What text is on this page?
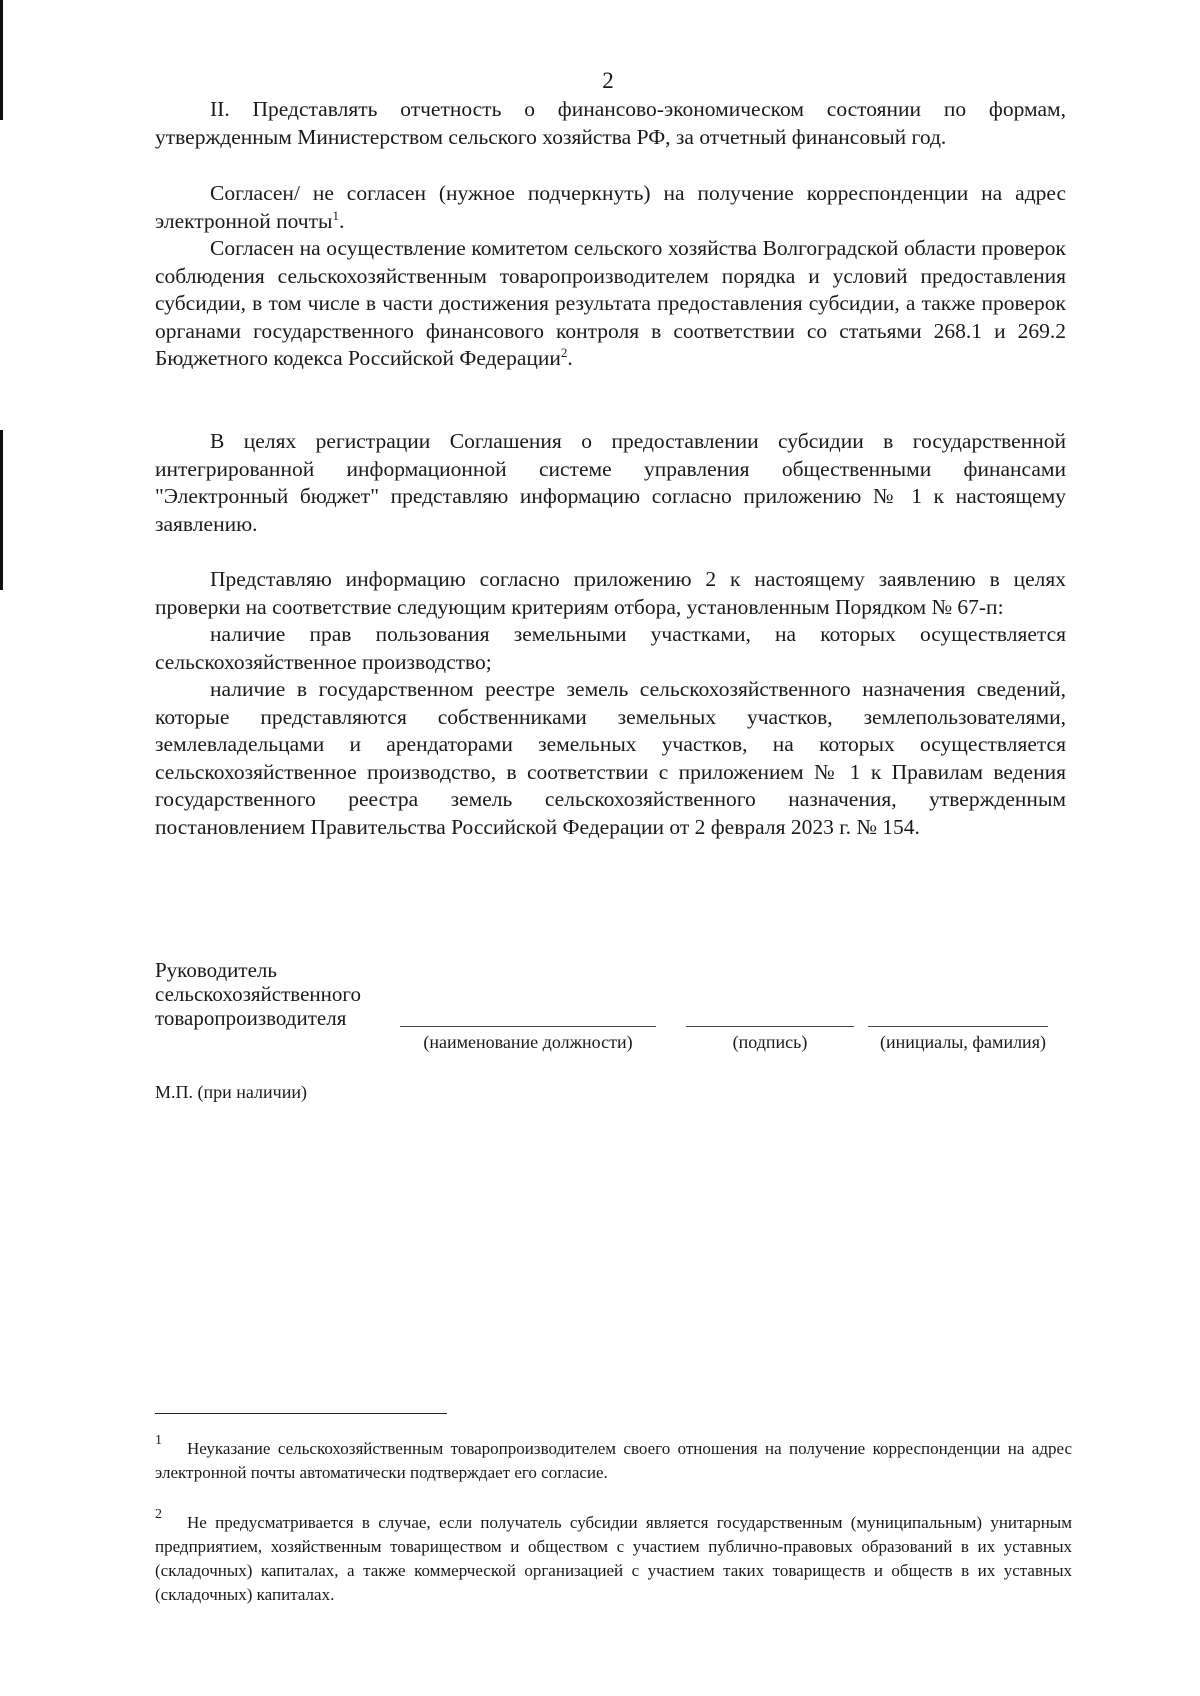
2

II. Представлять отчетность о финансово-экономическом состоянии по формам, утвержденным Министерством сельского хозяйства РФ, за отчетный финансовый год.

Согласен/ не согласен (нужное подчеркнуть) на получение корреспонденции на адрес электронной почты$^1$.

Согласен на осуществление комитетом сельского хозяйства Волгоградской области проверок соблюдения сельскохозяйственным товаропроизводителем порядка и условий предоставления субсидии, в том числе в части достижения результата предоставления субсидии, а также проверок органами государственного финансового контроля в соответствии со статьями 268.1 и 269.2 Бюджетного кодекса Российской Федерации$^2$.

В целях регистрации Соглашения о предоставлении субсидии в государственной интегрированной информационной системе управления общественными финансами "Электронный бюджет" представляю информацию согласно приложению № 1 к настоящему заявлению.

Представляю информацию согласно приложению 2 к настоящему заявлению в целях проверки на соответствие следующим критериям отбора, установленным Порядком № 67-п:

наличие прав пользования земельными участками, на которых осуществляется сельскохозяйственное производство;

наличие в государственном реестре земель сельскохозяйственного назначения сведений, которые представляются собственниками земельных участков, землепользователями, землевладельцами и арендаторами земельных участков, на которых осуществляется сельскохозяйственное производство, в соответствии с приложением № 1 к Правилам ведения государственного реестра земель сельскохозяйственного назначения, утвержденным постановлением Правительства Российской Федерации от 2 февраля 2023 г. № 154.

Руководитель
сельскохозяйственного
товаропроизводителя
(наименование должности)	(подпись)	(инициалы, фамилия)
М.П. (при наличии)
1	Неуказание сельскохозяйственным товаропроизводителем своего отношения на получение корреспонденции на адрес электронной почты автоматически подтверждает его согласие.
2	Не предусматривается в случае, если получатель субсидии является государственным (муниципальным) унитарным предприятием, хозяйственным товариществом и обществом с участием публично-правовых образований в их уставных (складочных) капиталах, а также коммерческой организацией с участием таких товариществ и обществ в их уставных (складочных) капиталах.
